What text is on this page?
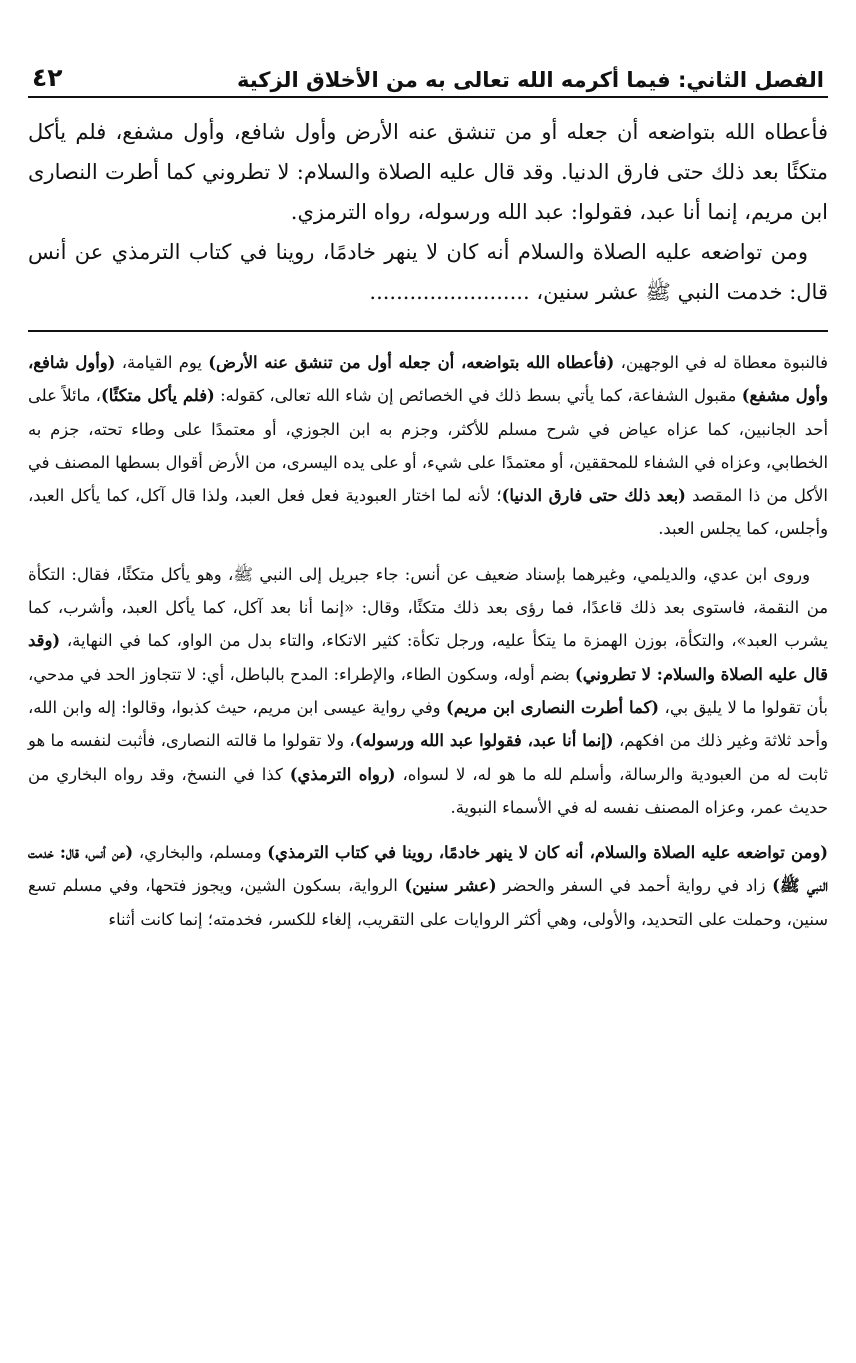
الفصل الثاني: فيما أكرمه الله تعالى به من الأخلاق الزكية
٤٢

فأعطاه الله بتواضعه أن جعله أو من تنشق عنه الأرض وأول شافع، وأول مشفع، فلم يأكل متكئًا بعد ذلك حتى فارق الدنيا. وقد قال عليه الصلاة والسلام: لا تطروني كما أطرت النصارى ابن مريم، إنما أنا عبد، فقولوا: عبد الله ورسوله، رواه الترمزي.

ومن تواضعه عليه الصلاة والسلام أنه كان لا ينهر خادمًا، روينا في كتاب الترمذي عن أنس قال: خدمت النبي ﷺ عشر سنين، ........................

فالنبوة معطاة له في الوجهين، (فأعطاه الله بتواضعه، أن جعله أول من تنشق عنه الأرض) يوم القيامة، (وأول شافع، وأول مشفع) مقبول الشفاعة، كما يأتي بسط ذلك في الخصائص إن شاء الله تعالى، كقوله: (فلم يأكل متكئًا)، مائلاً على أحد الجانبين، كما عزاه عياض في شرح مسلم للأكثر، وجزم به ابن الجوزي، أو معتمدًا على وطاء تحته، جزم به الخطابي، وعزاه في الشفاء للمحققين، أو معتمدًا على شيء، أو على يده اليسرى، من الأرض أقوال بسطها المصنف في الأكل من ذا المقصد (بعد ذلك حتى فارق الدنيا)؛ لأنه لما اختار العبودية فعل فعل العبد، ولذا قال آكل، كما يأكل العبد، وأجلس، كما يجلس العبد.

وروى ابن عدي، والديلمي، وغيرهما بإسناد ضعيف عن أنس: جاء جبريل إلى النبي ﷺ، وهو يأكل متكئًا، فقال: التكأة من النقمة، فاستوى بعد ذلك قاعدًا، فما رؤى بعد ذلك متكئًا، وقال: «إنما أنا بعد آكل، كما يأكل العبد، وأشرب، كما يشرب العبد»، والتكأة، بوزن الهمزة ما يتكأ عليه، ورجل تكأة: كثير الاتكاء، والتاء بدل من الواو، كما في النهاية، (وقد قال عليه الصلاة والسلام: لا تطروني) بضم أوله، وسكون الطاء، والإطراء: المدح بالباطل، أي: لا تتجاوز الحد في مدحي، بأن تقولوا ما لا يليق بي، (كما أطرت النصارى ابن مريم) وفي رواية عيسى ابن مريم، حيث كذبوا، وقالوا: إله وابن الله، وأحد ثلاثة وغير ذلك من افكهم، (إنما أنا عبد، فقولوا عبد الله ورسوله)، ولا تقولوا ما قالته النصارى، فأثبت لنفسه ما هو ثابت له من العبودية والرسالة، وأسلم لله ما هو له، لا لسواه، (رواه الترمذي) كذا في النسخ، وقد رواه البخاري من حديث عمر، وعزاه المصنف نفسه له في الأسماء النبوية.

(ومن تواضعه عليه الصلاة والسلام، أنه كان لا ينهر خادمًا، روينا في كتاب الترمذي) ومسلم، والبخاري، (عن أنس، قال: خدمت النبي ﷺ) زاد في رواية أحمد في السفر والحضر (عشر سنين) الرواية، بسكون الشين، ويجوز فتحها، وفي مسلم تسع سنين، وحملت على التحديد، والأولى، وهي أكثر الروايات على التقريب، إلغاء للكسر، فخدمته؛ إنما كانت أثناء
